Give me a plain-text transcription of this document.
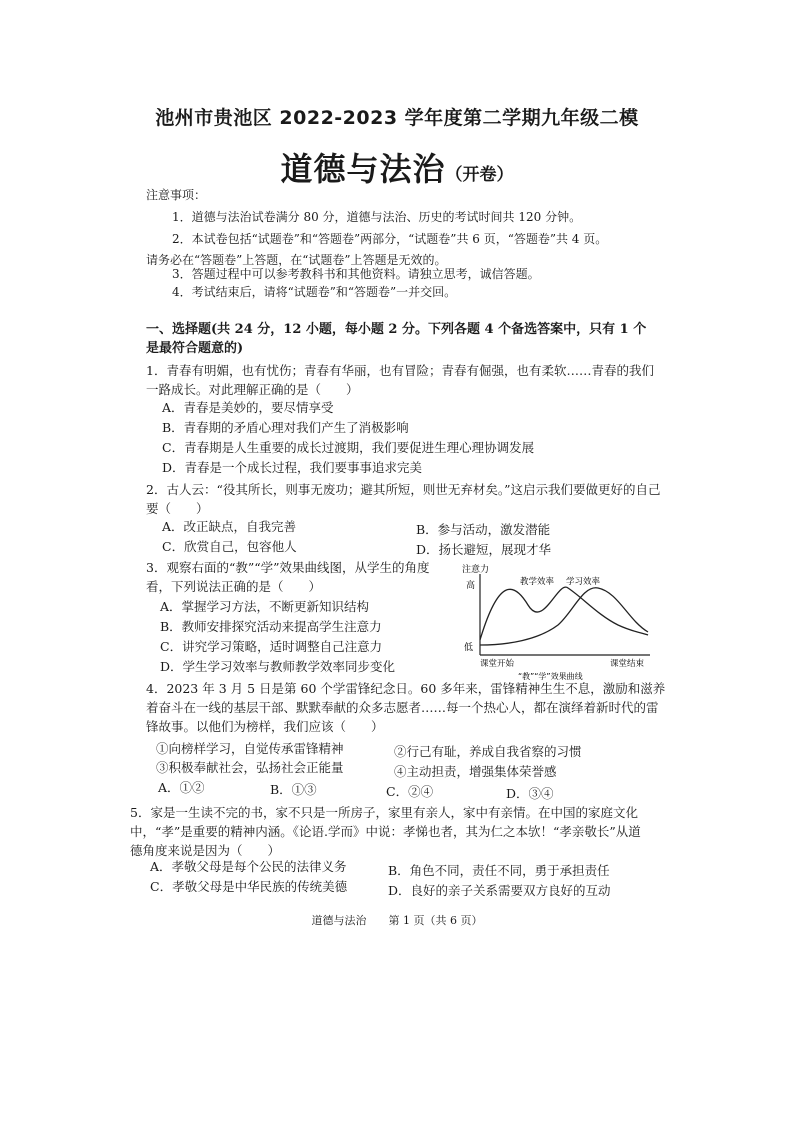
池州市贵池区 2022-2023 学年度第二学期九年级二模
道德与法治（开卷）
注意事项：
1．道德与法治试卷满分 80 分，道德与法治、历史的考试时间共 120 分钟。
2．本试卷包括“试题卷”和“答题卷”两部分，“试题卷”共 6 页，“答题卷”共 4 页。
请务必在“答题卷”上答题，在“试题卷”上答题是无效的。
3．答题过程中可以参考教科书和其他资料。请独立思考，诚信答题。
4．考试结束后，请将“试题卷”和“答题卷”一并交回。
一、选择题(共 24 分，12 小题，每小题 2 分。下列各题 4 个备选答案中，只有 1 个是最符合题意的)
1．青春有明媚，也有忧伤；青春有华丽，也有冒险；青春有倔强，也有柔软……青春的我们一路成长。对此理解正确的是（　　）
A．青春是美妙的，要尽情享受
B．青春期的矛盾心理对我们产生了消极影响
C．青春期是人生重要的成长过渡期，我们要促进生理心理协调发展
D．青春是一个成长过程，我们要事事追求完美
2．古人云：“役其所长，则事无废功；避其所短，则世无弃材矣。”这启示我们要做更好的自己要（　　）
A．改正缺点，自我完善	B．参与活动，激发潜能
C．欣赏自己，包容他人	D．扬长避短，展现才华
3．观察右面的“教”“学”效果曲线图，从学生的角度
看，下列说法正确的是（　　）
A．掌握学习方法，不断更新知识结构
B．教师安排探究活动来提高学生注意力
C．讲究学习策略，适时调整自己注意力
D．学生学习效率与教师教学效率同步变化
注意力
高
低
教学效率 学习效率
课堂开始	课堂结束
“教”“学”效果曲线
4．2023 年 3 月 5 日是第 60 个学雷锋纪念日。60 多年来，雷锋精神生生不息，激励和滋养着奋斗在一线的基层干部、默默奉献的众多志愿者……每一个热心人，都在演绎着新时代的雷锋故事。以他们为榜样，我们应该（　　）
①向榜样学习，自觉传承雷锋精神	②行己有耻，养成自我省察的习惯
③积极奉献社会，弘扬社会正能量	④主动担责，增强集体荣誉感
A．①②	B．①③	C．②④	D．③④
5．家是一生读不完的书，家不只是一所房子，家里有亲人，家中有亲情。在中国的家庭文化中，“孝”是重要的精神内涵。《论语.学而》中说：孝悌也者，其为仁之本欤！“孝亲敬长”从道德角度来说是因为（　　）
A．孝敬父母是每个公民的法律义务	B．角色不同，责任不同，勇于承担责任
C．孝敬父母是中华民族的传统美德	D．良好的亲子关系需要双方良好的互动
道德与法治　　 第 1 页（共 6 页）
